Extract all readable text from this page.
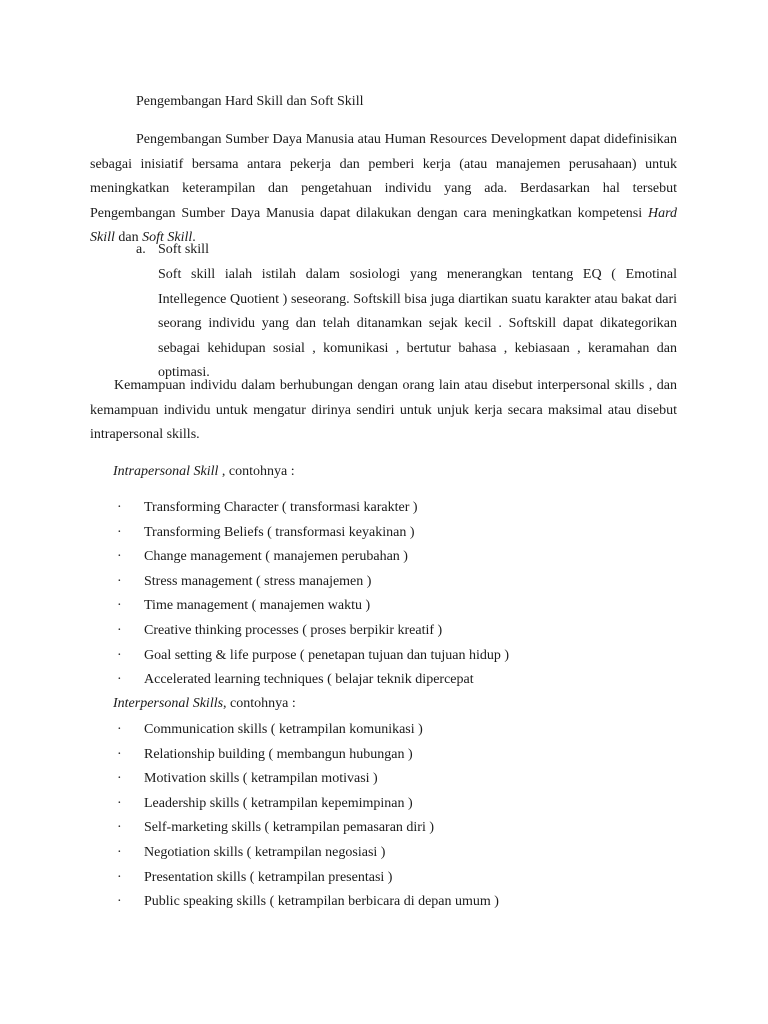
Pengembangan Hard Skill dan Soft Skill

Pengembangan Sumber Daya Manusia atau Human Resources Development dapat didefinisikan sebagai inisiatif bersama antara pekerja dan pemberi kerja (atau manajemen perusahaan) untuk meningkatkan keterampilan dan pengetahuan individu yang ada. Berdasarkan hal tersebut Pengembangan Sumber Daya Manusia dapat dilakukan dengan cara meningkatkan kompetensi Hard Skill dan Soft Skill.

a. Soft skill

Soft skill ialah istilah dalam sosiologi yang menerangkan tentang EQ ( Emotinal Intellegence Quotient ) seseorang. Softskill bisa juga diartikan suatu karakter atau bakat dari seorang individu yang dan telah ditanamkan sejak kecil . Softskill dapat dikategorikan sebagai kehidupan sosial , komunikasi , bertutur bahasa , kebiasaan , keramahan dan optimasi.

Kemampuan individu dalam berhubungan dengan orang lain atau disebut interpersonal skills , dan kemampuan individu untuk mengatur dirinya sendiri untuk unjuk kerja secara maksimal atau disebut intrapersonal skills.

Intrapersonal Skill , contohnya :
· Transforming Character ( transformasi karakter )
· Transforming Beliefs ( transformasi keyakinan )
· Change management ( manajemen perubahan )
· Stress management ( stress manajemen )
· Time management ( manajemen waktu )
· Creative thinking processes ( proses berpikir kreatif )
· Goal setting & life purpose ( penetapan tujuan dan tujuan hidup )
· Accelerated learning techniques ( belajar teknik dipercepat
Interpersonal Skills, contohnya :
· Communication skills ( ketrampilan komunikasi )
· Relationship building ( membangun hubungan )
· Motivation skills ( ketrampilan motivasi )
· Leadership skills ( ketrampilan kepemimpinan )
· Self-marketing skills ( ketrampilan pemasaran diri )
· Negotiation skills ( ketrampilan negosiasi )
· Presentation skills ( ketrampilan presentasi )
· Public speaking skills ( ketrampilan berbicara di depan umum )
